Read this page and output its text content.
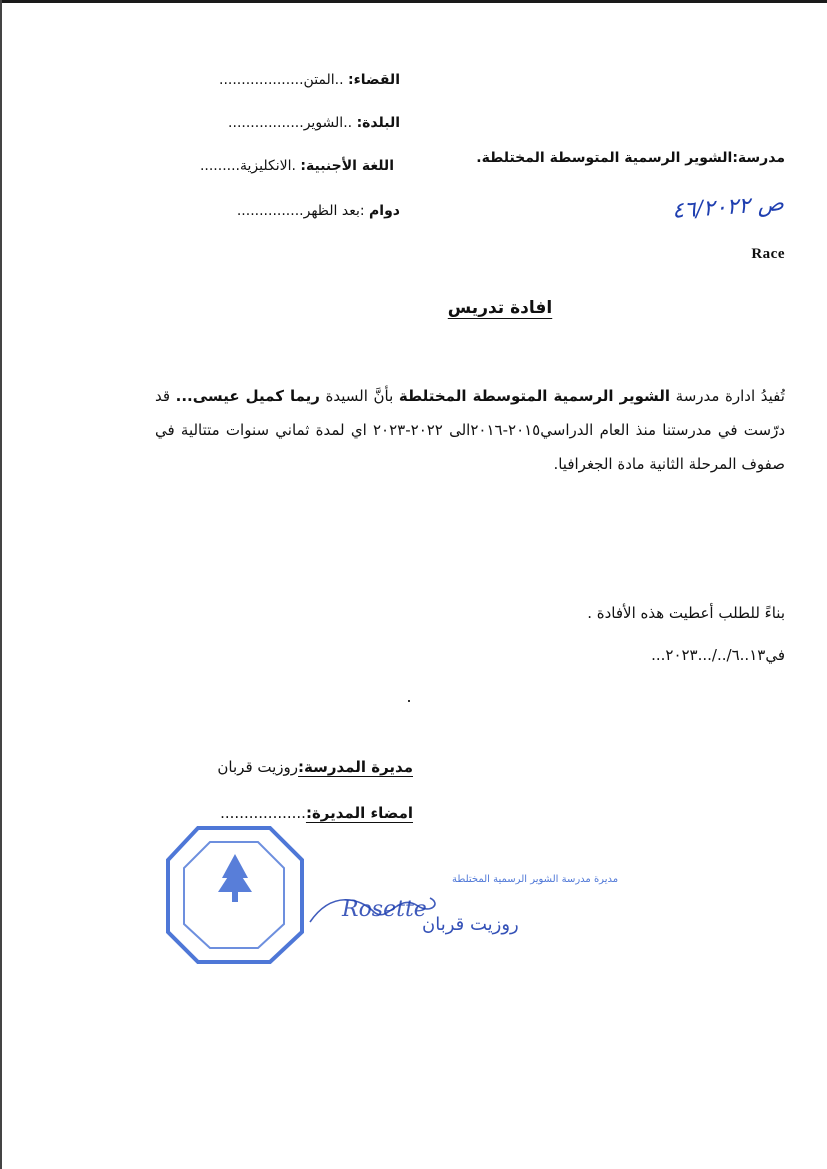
القضاء: ..المتن...................
البلدة: ..الشوير.................
مدرسة:الشوير الرسمية المتوسطة المختلطة.
اللغة الأجنبية: .الانكليزية.........
دوام :بعد الظهر...............	ص ٤٦/٢٠٢٢
Race
افادة تدريس
تُفيدُ ادارة مدرسة الشوير الرسمية المتوسطة المختلطة بأنَّ السيدة ريما كميل عيسى... قد درّست في مدرستنا منذ العام الدراسي٢٠١٥-٢٠١٦الى ٢٠٢٢-٢٠٢٣ اي لمدة ثماني سنوات متتالية في صفوف المرحلة الثانية مادة الجغرافيا.
بناءً للطلب أعطيت هذه الأفادة .
في١٣..٦/../...٢٠٢٣...
مديرة المدرسة:روزيت قربان
امضاء المديرة:..................
مديرة مدرسة الشوير الرسمية المختلطة
Rosette
روزيت قربان
